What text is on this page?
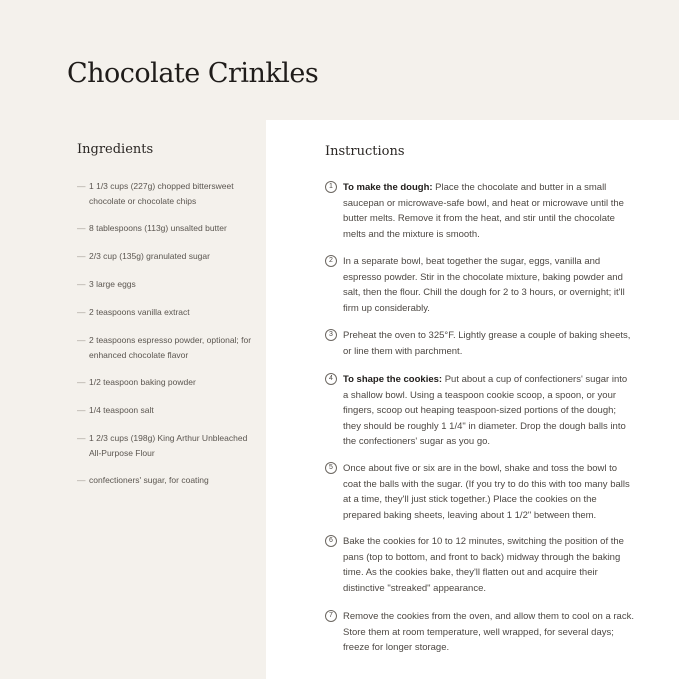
Chocolate Crinkles
Ingredients
— 1 1/3 cups (227g) chopped bittersweet chocolate or chocolate chips
— 8 tablespoons (113g) unsalted butter
— 2/3 cup (135g) granulated sugar
— 3 large eggs
— 2 teaspoons vanilla extract
— 2 teaspoons espresso powder, optional; for enhanced chocolate flavor
— 1/2 teaspoon baking powder
— 1/4 teaspoon salt
— 1 2/3 cups (198g) King Arthur Unbleached All-Purpose Flour
— confectioners' sugar, for coating
Instructions
1	To make the dough: Place the chocolate and butter in a small saucepan or microwave-safe bowl, and heat or microwave until the butter melts. Remove it from the heat, and stir until the chocolate melts and the mixture is smooth.
2	In a separate bowl, beat together the sugar, eggs, vanilla and espresso powder. Stir in the chocolate mixture, baking powder and salt, then the flour. Chill the dough for 2 to 3 hours, or overnight; it'll firm up considerably.
3	Preheat the oven to 325°F. Lightly grease a couple of baking sheets, or line them with parchment.
4	To shape the cookies: Put about a cup of confectioners' sugar into a shallow bowl. Using a teaspoon cookie scoop, a spoon, or your fingers, scoop out heaping teaspoon-sized portions of the dough; they should be roughly 1 1/4" in diameter. Drop the dough balls into the confectioners' sugar as you go.
5	Once about five or six are in the bowl, shake and toss the bowl to coat the balls with the sugar. (If you try to do this with too many balls at a time, they'll just stick together.) Place the cookies on the prepared baking sheets, leaving about 1 1/2" between them.
6	Bake the cookies for 10 to 12 minutes, switching the position of the pans (top to bottom, and front to back) midway through the baking time. As the cookies bake, they'll flatten out and acquire their distinctive "streaked" appearance.
7	Remove the cookies from the oven, and allow them to cool on a rack. Store them at room temperature, well wrapped, for several days; freeze for longer storage.
